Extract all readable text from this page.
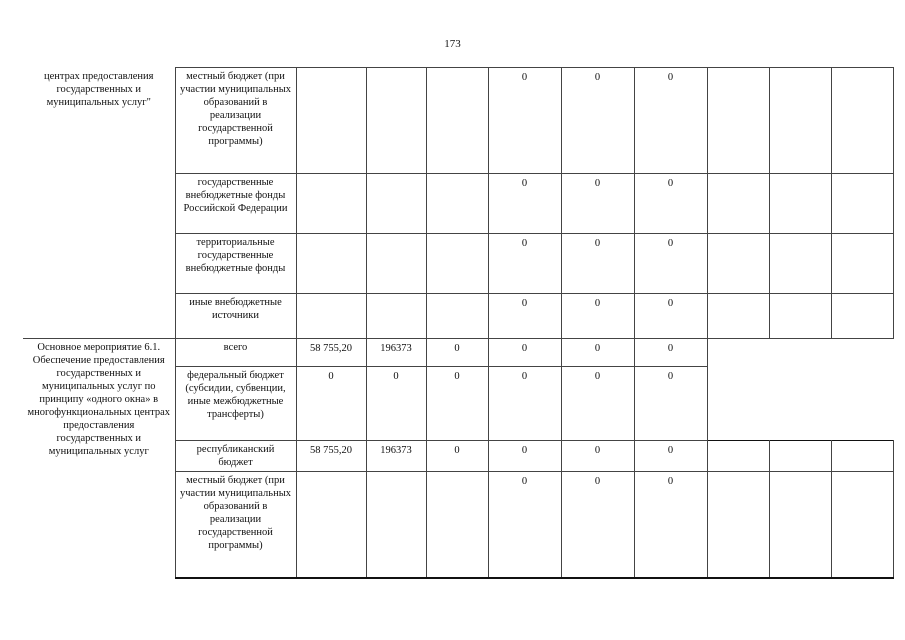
173
центрах предоставления государственных и муниципальных услуг"	местный бюджет (при участии муниципальных образований в реализации государственной программы)				0	0	0			
	государственные внебюджетные фонды Российской Федерации				0	0	0			
	территориальные государственные внебюджетные фонды				0	0	0			
	иные внебюджетные источники				0	0	0			
Основное мероприятие 6.1. Обеспечение предоставления государственных и муниципальных услуг по принципу «одного окна» в многофункциональных центрах предоставления государственных и муниципальных услуг	всего	58 755,20	196373	0	0	0	0			
	федеральный бюджет (субсидии, субвенции, иные межбюджетные трансферты)	0	0	0	0	0	0			
	республиканский бюджет	58 755,20	196373	0	0	0	0			
	местный бюджет (при участии муниципальных образований в реализации государственной программы)				0	0	0			
